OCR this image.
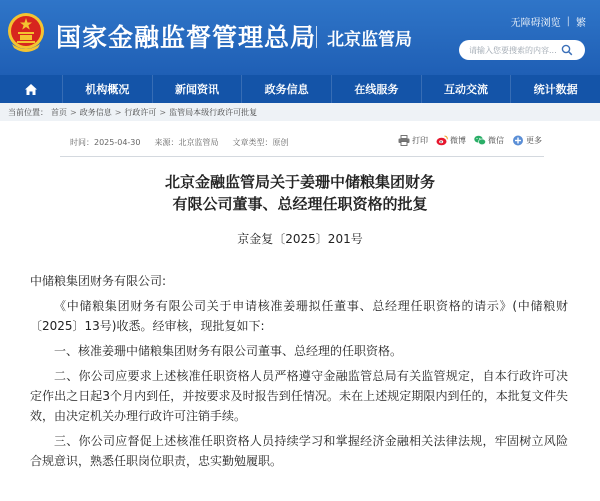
国家金融监督管理总局 北京监管局
无障碍浏览 | 繁
请输入您要搜索的内容...
机构概况	新闻资讯	政务信息	在线服务	互动交流	统计数据
当前位置： 首页 > 政务信息 > 行政许可 > 监管局本级行政许可批复
时间：2025-04-30 来源：北京监管局 文章类型：原创	打印	微博	微信	更多
北京金融监管局关于姜珊中储粮集团财务
有限公司董事、总经理任职资格的批复
京金复〔2025〕201号

中储粮集团财务有限公司:

《中储粮集团财务有限公司关于申请核准姜珊拟任董事、总经理任职资格的请示》(中储粮财〔2025〕13号)收悉。经审核，现批复如下:

一、核准姜珊中储粮集团财务有限公司董事、总经理的任职资格。

二、你公司应要求上述核准任职资格人员严格遵守金融监管总局有关监管规定，自本行政许可决定作出之日起3个月内到任，并按要求及时报告到任情况。未在上述规定期限内到任的，本批复文件失效，由决定机关办理行政许可注销手续。

三、你公司应督促上述核准任职资格人员持续学习和掌握经济金融相关法律法规，牢固树立风险合规意识，熟悉任职岗位职责，忠实勤勉履职。
